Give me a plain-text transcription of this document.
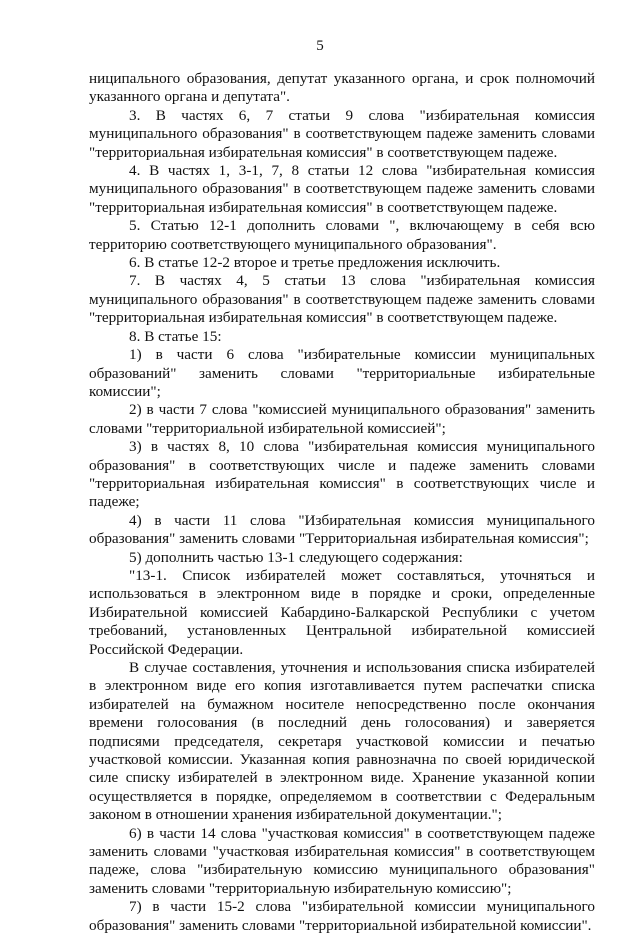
5

ниципального образования, депутат указанного органа, и срок полномочий указанного органа и депутата".

3. В частях 6, 7 статьи 9 слова "избирательная комиссия муниципального образования" в соответствующем падеже заменить словами "территориальная избирательная комиссия" в соответствующем падеже.

4. В частях 1, 3-1, 7, 8 статьи 12 слова "избирательная комиссия муниципального образования" в соответствующем падеже заменить словами "территориальная избирательная комиссия" в соответствующем падеже.

5. Статью 12-1 дополнить словами ", включающему в себя всю территорию соответствующего муниципального образования".

6. В статье 12-2 второе и третье предложения исключить.

7. В частях 4, 5 статьи 13 слова "избирательная комиссия муниципального образования" в соответствующем падеже заменить словами "территориальная избирательная комиссия" в соответствующем падеже.

8. В статье 15:

1) в части 6 слова "избирательные комиссии муниципальных образований" заменить словами "территориальные избирательные комиссии";

2) в части 7 слова "комиссией муниципального образования" заменить словами "территориальной избирательной комиссией";

3) в частях 8, 10 слова "избирательная комиссия муниципального образования" в соответствующих числе и падеже заменить словами "территориальная избирательная комиссия" в соответствующих числе и падеже;

4) в части 11 слова "Избирательная комиссия муниципального образования" заменить словами "Территориальная избирательная комиссия";

5) дополнить частью 13-1 следующего содержания:

"13-1. Список избирателей может составляться, уточняться и использоваться в электронном виде в порядке и сроки, определенные Избирательной комиссией Кабардино-Балкарской Республики с учетом требований, установленных Центральной избирательной комиссией Российской Федерации.

В случае составления, уточнения и использования списка избирателей в электронном виде его копия изготавливается путем распечатки списка избирателей на бумажном носителе непосредственно после окончания времени голосования (в последний день голосования) и заверяется подписями председателя, секретаря участковой комиссии и печатью участковой комиссии. Указанная копия равнозначна по своей юридической силе списку избирателей в электронном виде. Хранение указанной копии осуществляется в порядке, определяемом в соответствии с Федеральным законом в отношении хранения избирательной документации.";

6) в части 14 слова "участковая комиссия" в соответствующем падеже заменить словами "участковая избирательная комиссия" в соответствующем падеже, слова "избирательную комиссию муниципального образования" заменить словами "территориальную избирательную комиссию";

7) в части 15-2 слова "избирательной комиссии муниципального образования" заменить словами "территориальной избирательной комиссии".
